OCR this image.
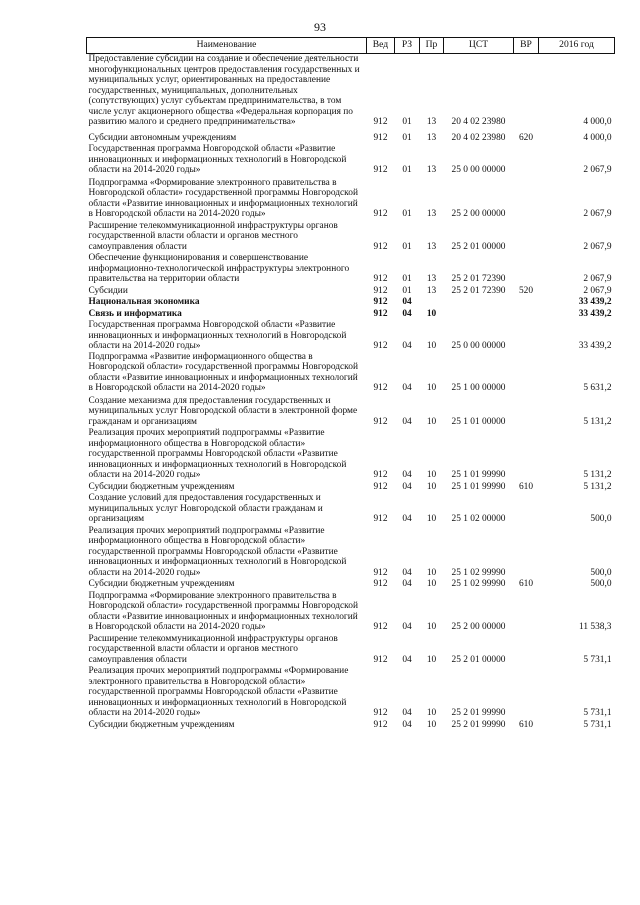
93
Наименование	Вед	РЗ	Пр	ЦСТ	ВР	2016 год
Предоставление субсидии на создание и обеспечение деятельности многофункциональных центров предоставления государственных и муниципальных услуг, ориентированных на предоставление государственных, муниципальных, дополнительных (сопутствующих) услуг субъектам предпринимательства, в том числе услуг акционерного общества «Федеральная корпорация по развитию малого и среднего предпринимательства»	912	01	13	20 4 02 23980		4 000,0
Субсидии автономным учреждениям	912	01	13	20 4 02 23980	620	4 000,0
Государственная программа Новгородской области «Развитие инновационных и информационных технологий в Новгородской области на 2014-2020 годы»	912	01	13	25 0 00 00000		2 067,9
Подпрограмма «Формирование электронного правительства в Новгородской области» государственной программы Новгородской области «Развитие инновационных и информационных технологий в Новгородской области на 2014-2020 годы»	912	01	13	25 2 00 00000		2 067,9
Расширение телекоммуникационной инфраструктуры органов государственной власти области и органов местного самоуправления области	912	01	13	25 2 01 00000		2 067,9
Обеспечение функционирования и совершенствование информационно-технологической инфраструктуры электронного правительства на территории области	912	01	13	25 2 01 72390		2 067,9
Субсидии	912	01	13	25 2 01 72390	520	2 067,9
Национальная экономика	912	04				33 439,2
Связь и информатика	912	04	10			33 439,2
Государственная программа Новгородской области «Развитие инновационных и информационных технологий в Новгородской области на 2014-2020 годы»	912	04	10	25 0 00 00000		33 439,2
Подпрограмма «Развитие информационного общества в Новгородской области» государственной программы Новгородской области «Развитие инновационных и информационных технологий в Новгородской области на 2014-2020 годы»	912	04	10	25 1 00 00000		5 631,2
Создание механизма для предоставления государственных и муниципальных услуг Новгородской области в электронной форме гражданам и организациям	912	04	10	25 1 01 00000		5 131,2
Реализация прочих мероприятий подпрограммы «Развитие информационного общества в Новгородской области» государственной программы Новгородской области «Развитие инновационных и информационных технологий в Новгородской области на 2014-2020 годы»	912	04	10	25 1 01 99990		5 131,2
Субсидии бюджетным учреждениям	912	04	10	25 1 01 99990	610	5 131,2
Создание условий для предоставления государственных и муниципальных услуг Новгородской области гражданам и организациям	912	04	10	25 1 02 00000		500,0
Реализация прочих мероприятий подпрограммы «Развитие информационного общества в Новгородской области» государственной программы Новгородской области «Развитие инновационных и информационных технологий в Новгородской области на 2014-2020 годы»	912	04	10	25 1 02 99990		500,0
Субсидии бюджетным учреждениям	912	04	10	25 1 02 99990	610	500,0
Подпрограмма «Формирование электронного правительства в Новгородской области» государственной программы Новгородской области «Развитие инновационных и информационных технологий в Новгородской области на 2014-2020 годы»	912	04	10	25 2 00 00000		11 538,3
Расширение телекоммуникационной инфраструктуры органов государственной власти области и органов местного самоуправления области	912	04	10	25 2 01 00000		5 731,1
Реализация прочих мероприятий подпрограммы «Формирование электронного правительства в Новгородской области» государственной программы Новгородской области «Развитие инновационных и информационных технологий в Новгородской области на 2014-2020 годы»	912	04	10	25 2 01 99990		5 731,1
Субсидии бюджетным учреждениям	912	04	10	25 2 01 99990	610	5 731,1
